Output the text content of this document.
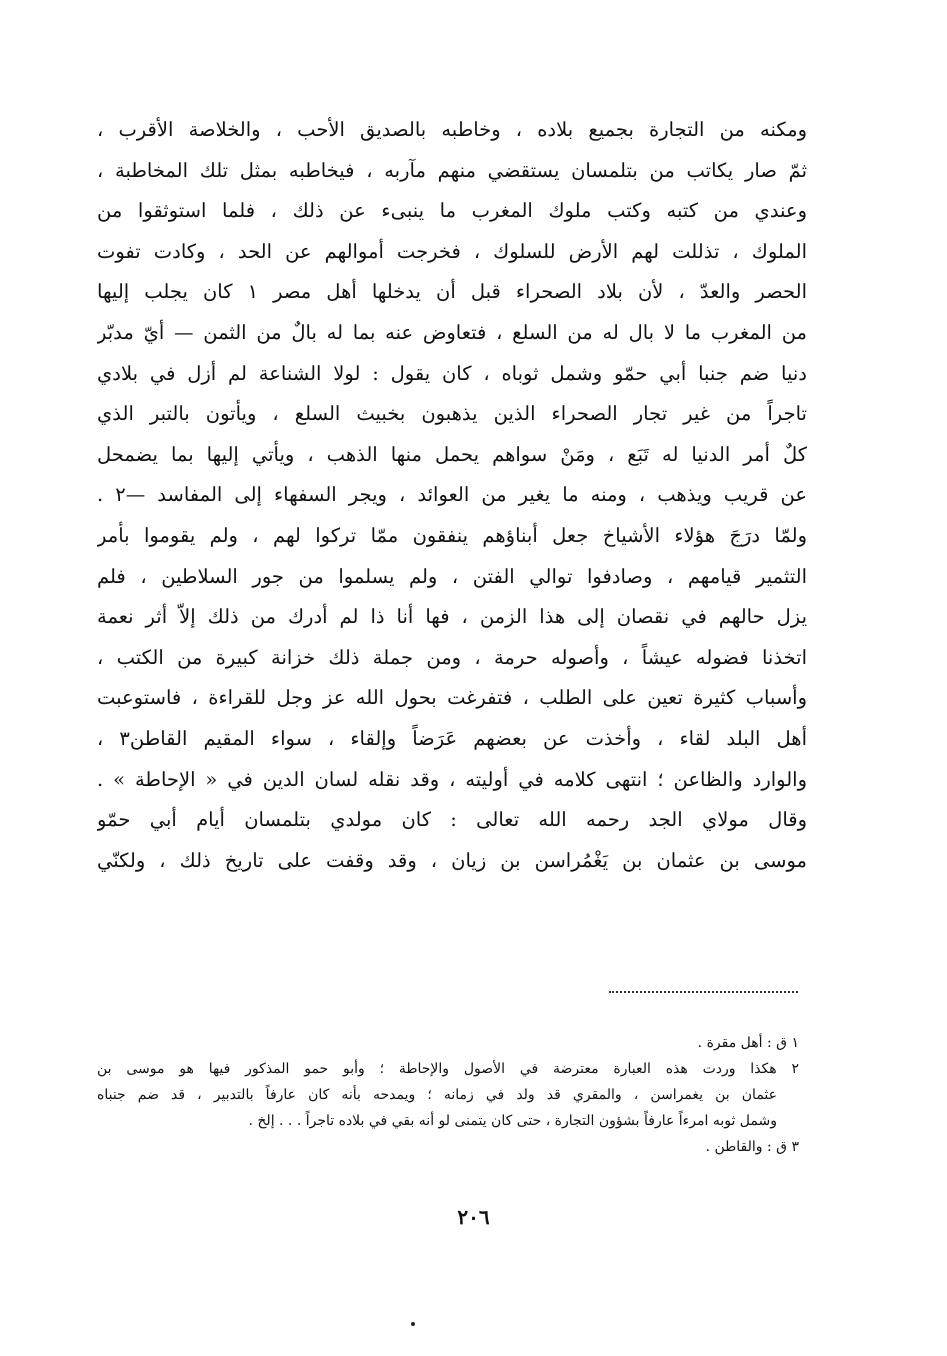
ومكنه من التجارة بجميع بلاده ، وخاطبه بالصديق الأحب ، والخلاصة الأقرب ،
ثمّ صار يكاتب من بتلمسان يستقضي منهم مآربه ، فيخاطبه بمثل تلك المخاطبة ،
وعندي من كتبه وكتب ملوك المغرب ما ينبىء عن ذلك ، فلما استوثقوا من
الملوك ، تذللت لهم الأرض للسلوك ، فخرجت أموالهم عن الحد ، وكادت تفوت
الحصر والعدّ ، لأن بلاد الصحراء قبل أن يدخلها أهل مصر ١ كان يجلب إليها
من المغرب ما لا بال له من السلع ، فتعاوض عنه بما له بالٌ من الثمن — أيّ مدبّر
دنيا ضم جنبا أبي حمّو وشمل ثوباه ، كان يقول : لولا الشناعة لم أزل في بلادي
تاجراً من غير تجار الصحراء الذين يذهبون بخبيث السلع ، ويأتون بالتبر الذي
كلٌ أمر الدنيا له تَبَع ، ومَنْ سواهم يحمل منها الذهب ، ويأتي إليها بما يضمحل
عن قريب ويذهب ، ومنه ما يغير من العوائد ، ويجر السفهاء إلى المفاسد —٢ .
ولمّا درَجَ هؤلاء الأشياخ جعل أبناؤهم ينفقون ممّا تركوا لهم ، ولم يقوموا بأمر
التثمير قيامهم ، وصادفوا توالي الفتن ، ولم يسلموا من جور السلاطين ، فلم
يزل حالهم في نقصان إلى هذا الزمن ، فها أنا ذا لم أدرك من ذلك إلاّ أثر نعمة
اتخذنا فضوله عيشاً ، وأصوله حرمة ، ومن جملة ذلك خزانة كبيرة من الكتب ،
وأسباب كثيرة تعين على الطلب ، فتفرغت بحول الله عز وجل للقراءة ، فاستوعبت
أهل البلد لقاء ، وأخذت عن بعضهم عَرَضاً وإلقاء ، سواء المقيم القاطن٣ ،
والوارد والظاعن ؛ انتهى كلامه في أوليته ، وقد نقله لسان الدين في « الإحاطة » .
وقال مولاي الجد رحمه الله تعالى : كان مولدي بتلمسان أيام أبي حمّو
موسى بن عثمان بن يَغْمُراسن بن زيان ، وقد وقفت على تاريخ ذلك ، ولكنّي
١ ق : أهل مقرة .
٢ هكذا وردت هذه العبارة معترضة في الأصول والإحاطة ؛ وأبو حمو المذكور فيها هو موسى بن
عثمان بن يغمراسن ، والمقري قد ولد في زمانه ؛ ويمدحه بأنه كان عارفاً بالتدبير ، قد ضم جنباه
وشمل ثوبه امرءاً عارفاً بشؤون التجارة ، حتى كان يتمنى لو أنه بقي في بلاده تاجراً . . . إلخ .
٣ ق : والقاطن .
٢٠٦
